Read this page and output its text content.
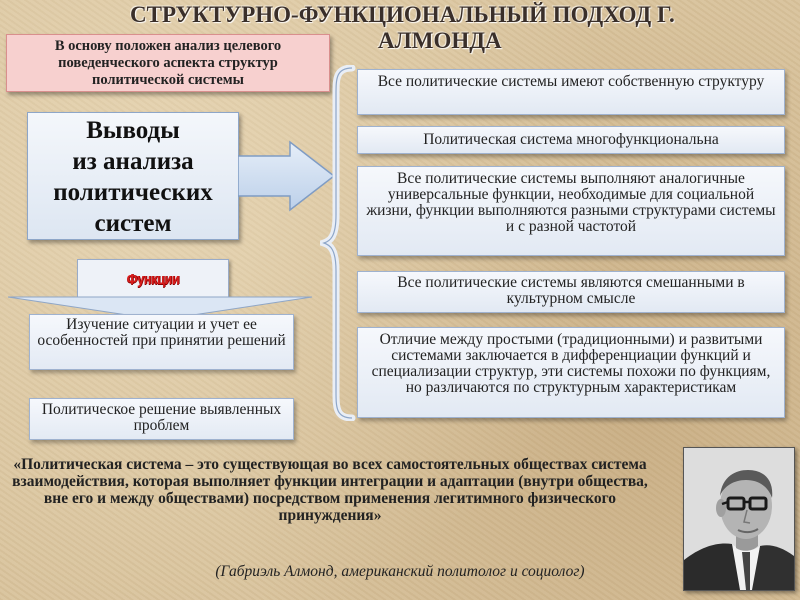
СТРУКТУРНО-ФУНКЦИОНАЛЬНЫЙ ПОДХОД Г.
АЛМОНДА
В основу положен анализ целевого поведенческого аспекта структур политической системы
Выводы
из анализа
политических
систем
Функции
Изучение ситуации и учет ее особенностей при принятии решений
Политическое решение выявленных проблем
Все политические системы имеют собственную структуру
Политическая система многофункциональна
Все политические системы выполняют аналогичные универсальные функции, необходимые для социальной жизни, функции выполняются разными структурами системы и с разной частотой
Все политические системы являются смешанными в культурном смысле
Отличие между простыми (традиционными) и развитыми системами заключается в дифференциации функций и специализации структур, эти системы похожи по функциям, но различаются по структурным характеристикам
«Политическая система – это существующая во всех самостоятельных обществах система взаимодействия, которая выполняет функции интеграции и адаптации (внутри общества, вне его и между обществами) посредством применения легитимного физического принуждения»
(Габриэль Алмонд, американский политолог и социолог)
